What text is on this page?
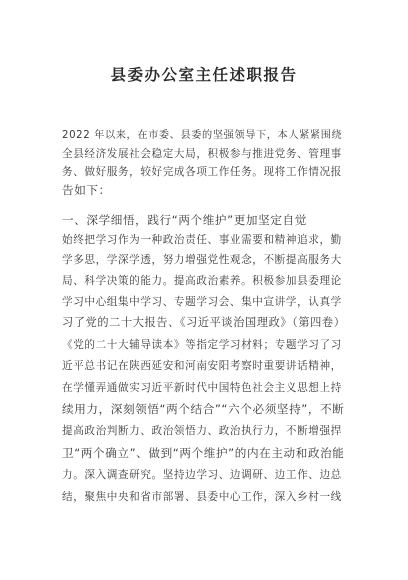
县委办公室主任述职报告
2022 年以来，在市委、县委的坚强领导下，本人紧紧围绕
全县经济发展社会稳定大局，积极参与推进党务、管理事
务、做好服务，较好完成各项工作任务。现将工作情况报
告如下：
一、深学细悟，践行“两个维护”更加坚定自觉
始终把学习作为一种政治责任、事业需要和精神追求，勤
学多思，学深学透，努力增强党性观念，不断提高服务大
局、科学决策的能力。提高政治素养。积极参加县委理论
学习中心组集中学习、专题学习会、集中宣讲学，认真学
习了党的二十大报告、《习近平谈治国理政》（第四卷）
《党的二十大辅导读本》等指定学习材料；专题学习了习
近平总书记在陕西延安和河南安阳考察时重要讲话精神，
在学懂弄通做实习近平新时代中国特色社会主义思想上持
续用力，深刻领悟“两个结合”“六个必须坚持”，不断
提高政治判断力、政治领悟力、政治执行力，不断增强捍
卫“两个确立”、做到“两个维护”的内在主动和政治能
力。深入调查研究。坚持边学习、边调研、边工作、边总
结，聚焦中央和省市部署、县委中心工作，深入乡村一线
